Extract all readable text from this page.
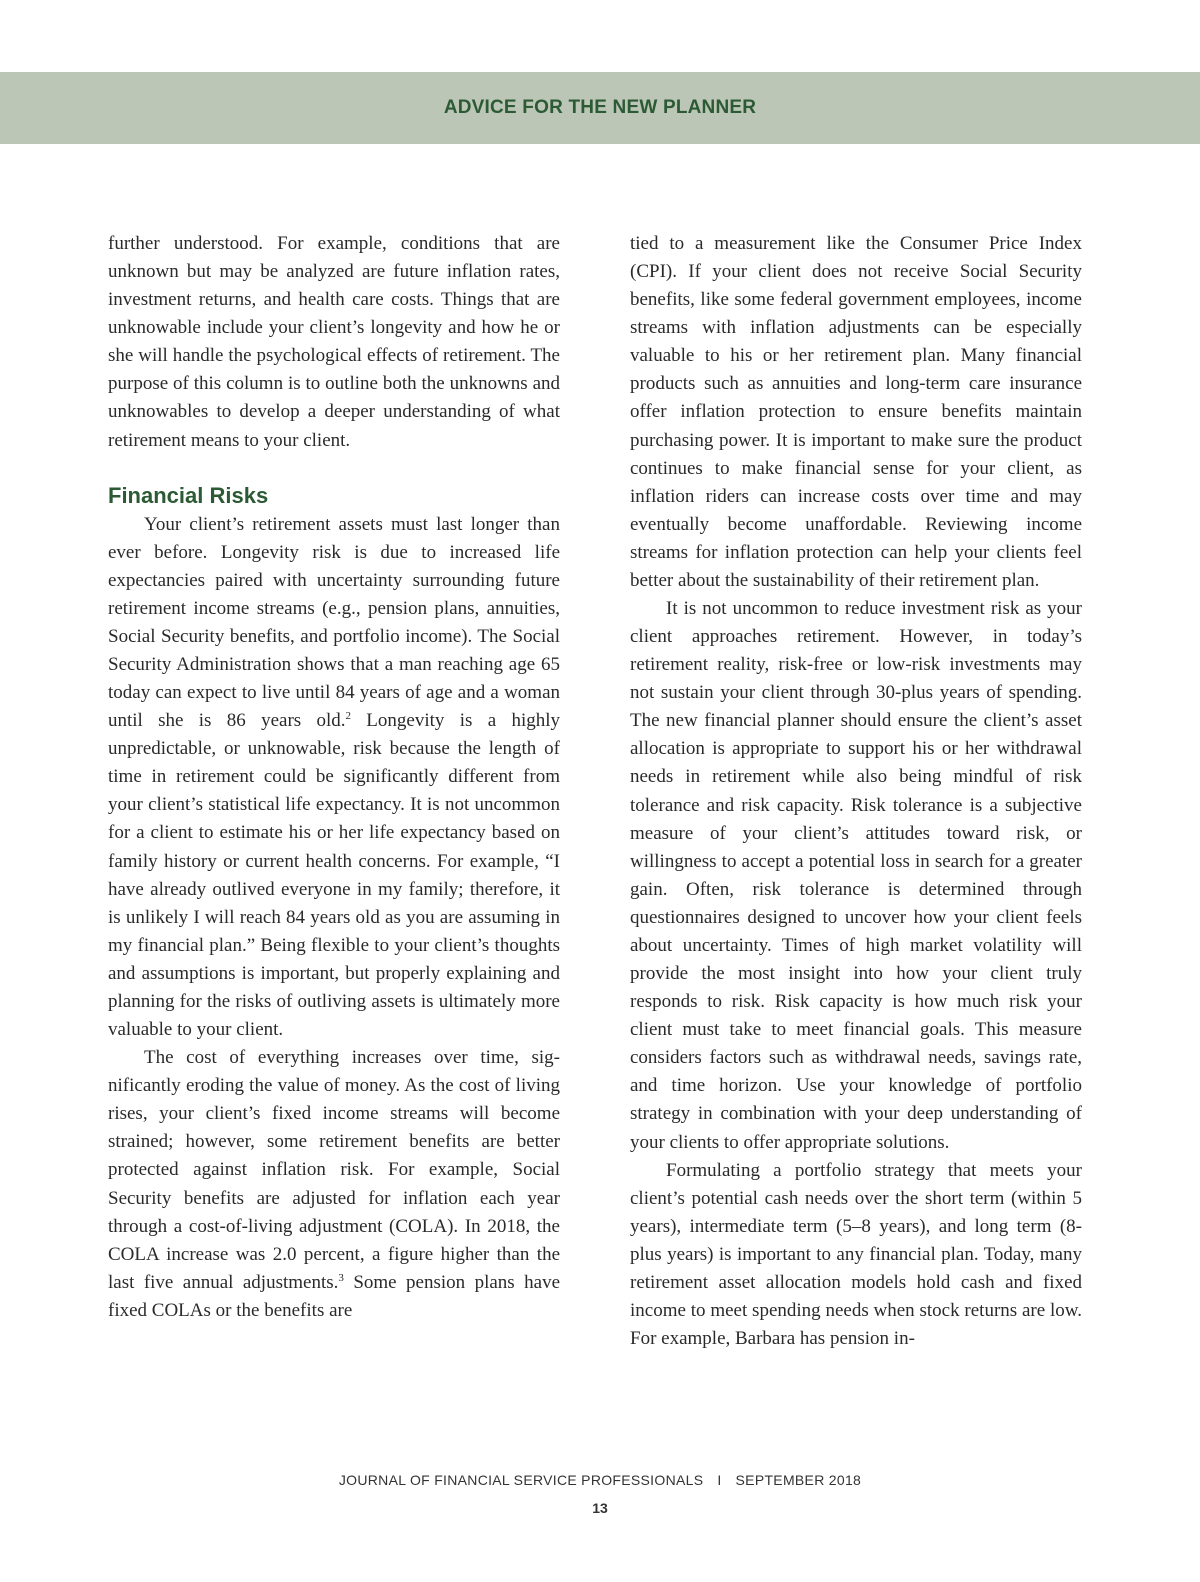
ADVICE FOR THE NEW PLANNER

further understood. For example, conditions that are unknown but may be analyzed are future inflation rates, investment returns, and health care costs. Things that are unknowable include your client’s longevity and how he or she will handle the psychological effects of retirement. The purpose of this column is to outline both the unknowns and unknowables to develop a deeper understanding of what retirement means to your client.

Financial Risks

Your client’s retirement assets must last longer than ever before. Longevity risk is due to increased life expectancies paired with uncertainty surrounding future retirement income streams (e.g., pension plans, annuities, Social Security benefits, and portfolio income). The Social Security Administration shows that a man reaching age 65 today can expect to live until 84 years of age and a woman until she is 86 years old.$^2$ Longevity is a highly unpredictable, or unknowable, risk because the length of time in retirement could be significantly different from your client’s statistical life expectancy. It is not uncommon for a client to estimate his or her life expectancy based on family history or current health concerns. For example, “I have already outlived everyone in my family; therefore, it is unlikely I will reach 84 years old as you are assuming in my financial plan.” Being flexible to your client’s thoughts and assumptions is important, but properly explaining and planning for the risks of outliving assets is ultimately more valuable to your client.

The cost of everything increases over time, significantly eroding the value of money. As the cost of living rises, your client’s fixed income streams will become strained; however, some retirement benefits are better protected against inflation risk. For example, Social Security benefits are adjusted for inflation each year through a cost-of-living adjustment (COLA). In 2018, the COLA increase was 2.0 percent, a figure higher than the last five annual adjustments.$^3$ Some pension plans have fixed COLAs or the benefits are

tied to a measurement like the Consumer Price Index (CPI). If your client does not receive Social Security benefits, like some federal government employees, income streams with inflation adjustments can be especially valuable to his or her retirement plan. Many financial products such as annuities and long-term care insurance offer inflation protection to ensure benefits maintain purchasing power. It is important to make sure the product continues to make financial sense for your client, as inflation riders can increase costs over time and may eventually become unaffordable. Reviewing income streams for inflation protection can help your clients feel better about the sustainability of their retirement plan.

It is not uncommon to reduce investment risk as your client approaches retirement. However, in today’s retirement reality, risk-free or low-risk investments may not sustain your client through 30-plus years of spending. The new financial planner should ensure the client’s asset allocation is appropriate to support his or her withdrawal needs in retirement while also being mindful of risk tolerance and risk capacity. Risk tolerance is a subjective measure of your client’s attitudes toward risk, or willingness to accept a potential loss in search for a greater gain. Often, risk tolerance is determined through questionnaires designed to uncover how your client feels about uncertainty. Times of high market volatility will provide the most insight into how your client truly responds to risk. Risk capacity is how much risk your client must take to meet financial goals. This measure considers factors such as withdrawal needs, savings rate, and time horizon. Use your knowledge of portfolio strategy in combination with your deep understanding of your clients to offer appropriate solutions.

Formulating a portfolio strategy that meets your client’s potential cash needs over the short term (within 5 years), intermediate term (5–8 years), and long term (8-plus years) is important to any financial plan. Today, many retirement asset allocation models hold cash and fixed income to meet spending needs when stock returns are low. For example, Barbara has pension in-

JOURNAL OF FINANCIAL SERVICE PROFESSIONALS I SEPTEMBER 2018
13
